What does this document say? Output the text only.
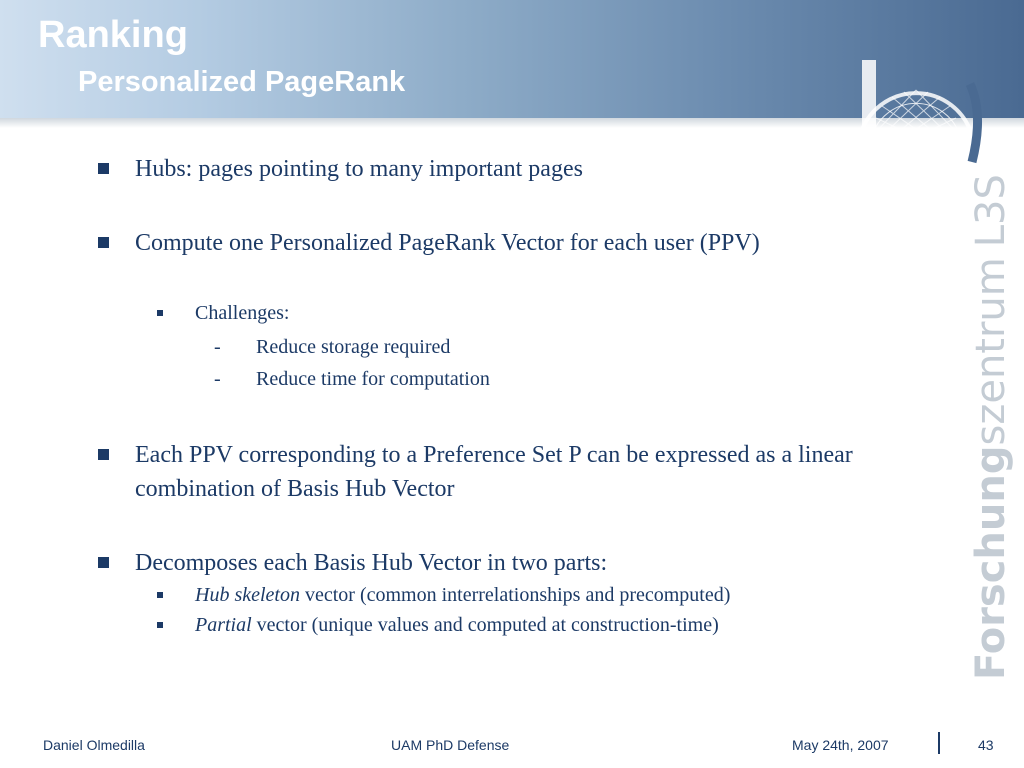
Ranking
Personalized PageRank
ForschungszentrumL3S
Hubs: pages pointing to many important pages
Compute one Personalized PageRank Vector for each user (PPV)
Challenges:
- Reduce storage required
- Reduce time for computation
Each PPV corresponding to a Preference Set P can be expressed as a linear combination of Basis Hub Vector
Decomposes each Basis Hub Vector in two parts:
Hub skeleton vector (common interrelationships and precomputed)
Partial vector (unique values and computed at construction-time)
Daniel Olmedilla	UAM PhD Defense	May 24th, 2007	43
